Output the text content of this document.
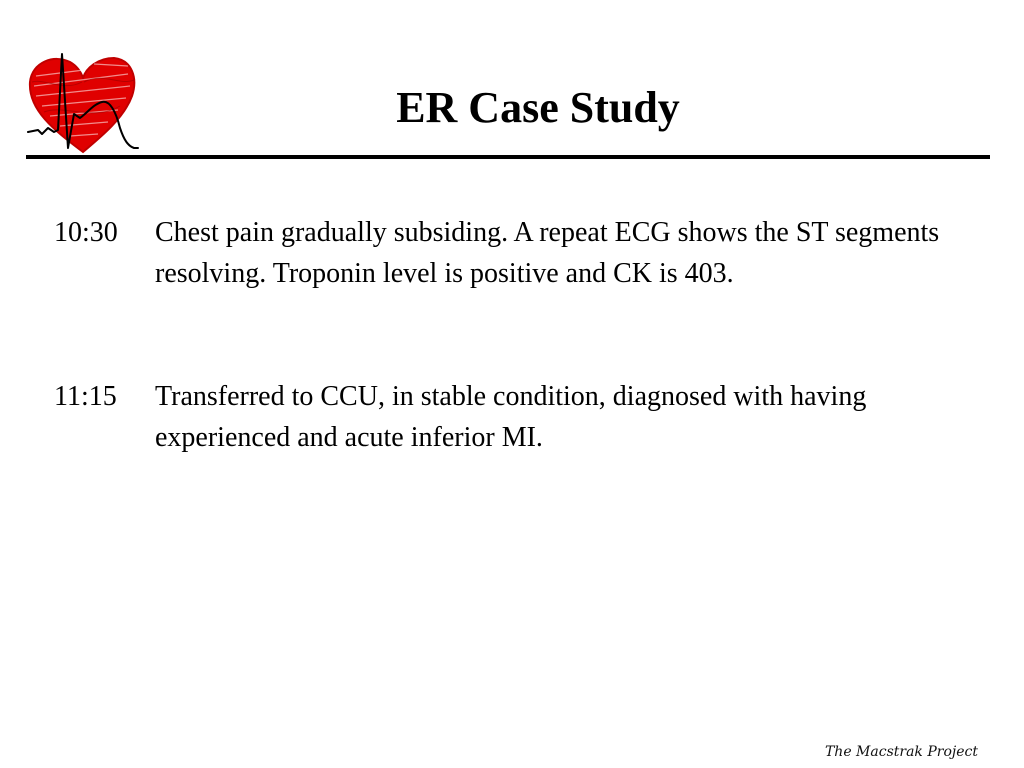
ER Case Study
10:30	Chest pain gradually subsiding. A repeat ECG shows the ST segments resolving. Troponin level is positive and CK is 403.
11:15	Transferred to CCU, in stable condition, diagnosed with having experienced and acute inferior MI.
The Macstrak Project
